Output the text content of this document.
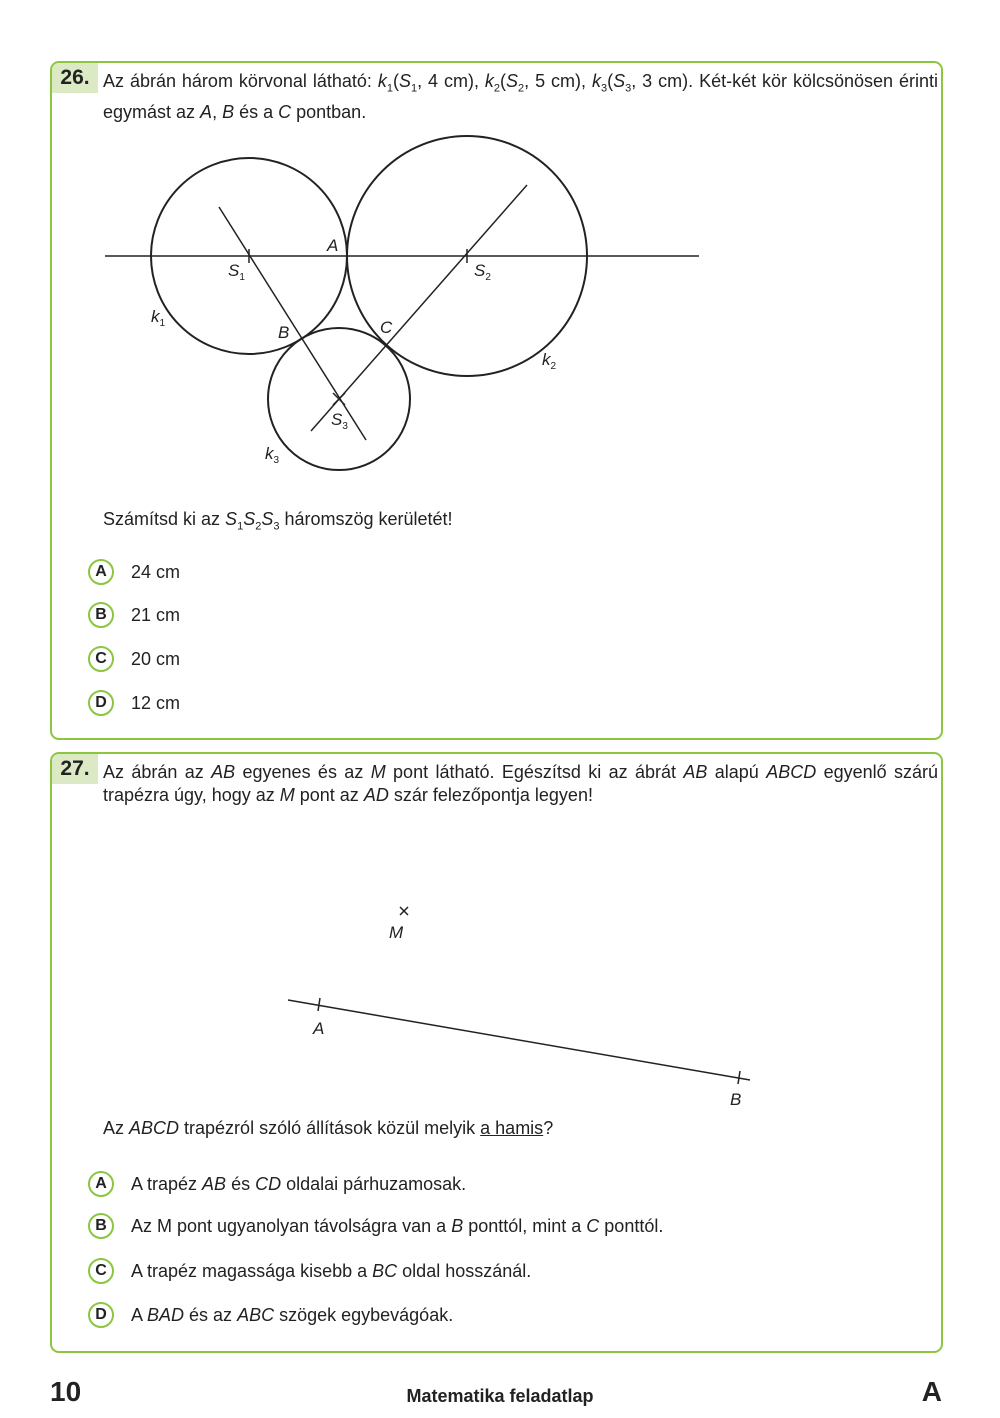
26. Az ábrán három körvonal látható: $k_1(S_1$, 4 cm), $k_2(S_2$, 5 cm), $k_3(S_3$, 3 cm). Két-két kör kölcsönösen érinti egymást az A, B és a C pontban.
A
B	C
$S_1$	$S_2$
$S_3$
$k_1$
$k_2$
$k_3$
Számítsd ki az $S_1S_2S_3$ háromszög kerületét!
A	24 cm
B	21 cm
C	20 cm
D	12 cm
27. Az ábrán az AB egyenes és az M pont látható. Egészítsd ki az ábrát AB alapú ABCD egyenlő szárú trapézra úgy, hogy az M pont az AD szár felezőpontja legyen!
M
A
B
Az ABCD trapézról szóló állítások közül melyik a hamis?
A	A trapéz AB és CD oldalai párhuzamosak.
B	Az M pont ugyanolyan távolságra van a B ponttól, mint a C ponttól.
C	A trapéz magassága kisebb a BC oldal hosszánál.
D	A BAD és az ABC szögek egybevágóak.
10	Matematika feladatlap	A
